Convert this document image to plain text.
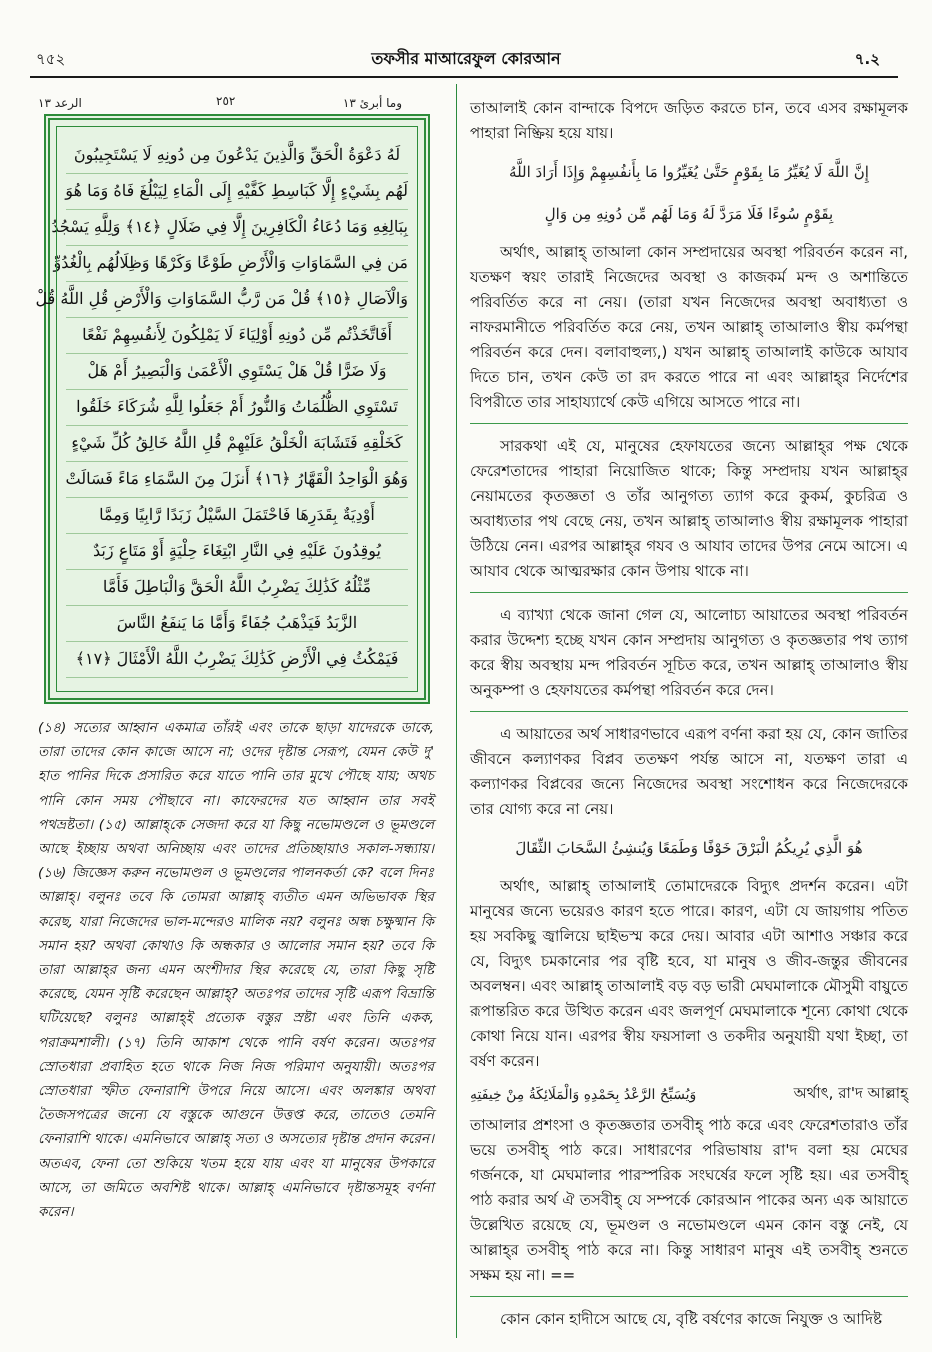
৭৫২	তফসীর মাআরেফুল কোরআন	৭.২
الرعد ١٣	٢٥٢	وما أبرئ ١٣
لَهُ دَعْوَةُ الْحَقِّ وَالَّذِينَ يَدْعُونَ مِن دُونِهِ لَا يَسْتَجِيبُونَ
لَهُم بِشَيْءٍ إِلَّا كَبَاسِطِ كَفَّيْهِ إِلَى الْمَاءِ لِيَبْلُغَ فَاهُ وَمَا هُوَ
بِبَالِغِهِ وَمَا دُعَاءُ الْكَافِرِينَ إِلَّا فِي ضَلَالٍ ﴿١٤﴾ وَلِلَّهِ يَسْجُدُ
مَن فِي السَّمَاوَاتِ وَالْأَرْضِ طَوْعًا وَكَرْهًا وَظِلَالُهُم بِالْغُدُوِّ
وَالْآصَالِ ﴿١٥﴾ قُلْ مَن رَّبُّ السَّمَاوَاتِ وَالْأَرْضِ قُلِ اللَّهُ قُلْ
أَفَاتَّخَذْتُم مِّن دُونِهِ أَوْلِيَاءَ لَا يَمْلِكُونَ لِأَنفُسِهِمْ نَفْعًا
وَلَا ضَرًّا قُلْ هَلْ يَسْتَوِي الْأَعْمَىٰ وَالْبَصِيرُ أَمْ هَلْ
تَسْتَوِي الظُّلُمَاتُ وَالنُّورُ أَمْ جَعَلُوا لِلَّهِ شُرَكَاءَ خَلَقُوا
كَخَلْقِهِ فَتَشَابَهَ الْخَلْقُ عَلَيْهِمْ قُلِ اللَّهُ خَالِقُ كُلِّ شَيْءٍ
وَهُوَ الْوَاحِدُ الْقَهَّارُ ﴿١٦﴾ أَنزَلَ مِنَ السَّمَاءِ مَاءً فَسَالَتْ
أَوْدِيَةٌ بِقَدَرِهَا فَاحْتَمَلَ السَّيْلُ زَبَدًا رَّابِيًا وَمِمَّا
يُوقِدُونَ عَلَيْهِ فِي النَّارِ ابْتِغَاءَ حِلْيَةٍ أَوْ مَتَاعٍ زَبَدٌ
مِّثْلُهُ كَذَٰلِكَ يَضْرِبُ اللَّهُ الْحَقَّ وَالْبَاطِلَ فَأَمَّا
الزَّبَدُ فَيَذْهَبُ جُفَاءً وَأَمَّا مَا يَنفَعُ النَّاسَ
فَيَمْكُثُ فِي الْأَرْضِ كَذَٰلِكَ يَضْرِبُ اللَّهُ الْأَمْثَالَ ﴿١٧﴾
(১৪) সত্যের আহ্বান একমাত্র তাঁরই এবং তাকে ছাড়া যাদেরকে ডাকে, তারা তাদের কোন কাজে আসে না; ওদের দৃষ্টান্ত সেরূপ, যেমন কেউ দু' হাত পানির দিকে প্রসারিত করে যাতে পানি তার মুখে পৌছে যায়; অথচ পানি কোন সময় পৌছাবে না। কাফেরদের যত আহ্বান তার সবই পথভ্রষ্টতা। (১৫) আল্লাহ্‌কে সেজদা করে যা কিছু নভোমণ্ডলে ও ভূমণ্ডলে আছে ইচ্ছায় অথবা অনিচ্ছায় এবং তাদের প্রতিচ্ছায়াও সকাল-সন্ধ্যায়। (১৬) জিজ্ঞেস করুন নভোমণ্ডল ও ভূমণ্ডলের পালনকর্তা কে? বলে দিনঃ আল্লাহ্‌। বলুনঃ তবে কি তোমরা আল্লাহ্‌ ব্যতীত এমন অভিভাবক স্থির করেছ, যারা নিজেদের ভাল-মন্দেরও মালিক নয়? বলুনঃ অন্ধ চক্ষুষ্মান কি সমান হয়? অথবা কোথাও কি অন্ধকার ও আলোর সমান হয়? তবে কি তারা আল্লাহ্‌র জন্য এমন অংশীদার স্থির করেছে যে, তারা কিছু সৃষ্টি করেছে, যেমন সৃষ্টি করেছেন আল্লাহ্‌? অতঃপর তাদের সৃষ্টি এরূপ বিভ্রান্তি ঘটিয়েছে? বলুনঃ আল্লাহ্‌ই প্রত্যেক বস্তুর স্রষ্টা এবং তিনি একক, পরাক্রমশালী। (১৭) তিনি আকাশ থেকে পানি বর্ষণ করেন। অতঃপর স্রোতধারা প্রবাহিত হতে থাকে নিজ নিজ পরিমাণ অনুযায়ী। অতঃপর স্রোতধারা স্ফীত ফেনারাশি উপরে নিয়ে আসে। এবং অলঙ্কার অথবা তৈজসপত্রের জন্যে যে বস্তুকে আগুনে উত্তপ্ত করে, তাতেও তেমনি ফেনারাশি থাকে। এমনিভাবে আল্লাহ্‌ সত্য ও অসত্যের দৃষ্টান্ত প্রদান করেন। অতএব, ফেনা তো শুকিয়ে খতম হয়ে যায় এবং যা মানুষের উপকারে আসে, তা জমিতে অবশিষ্ট থাকে। আল্লাহ্‌ এমনিভাবে দৃষ্টান্তসমূহ বর্ণনা করেন।

তাআলাই কোন বান্দাকে বিপদে জড়িত করতে চান, তবে এসব রক্ষামূলক পাহারা নিষ্ক্রিয় হয়ে যায়।

إِنَّ اللَّهَ لَا يُغَيِّرُ مَا بِقَوْمٍ حَتَّىٰ يُغَيِّرُوا مَا بِأَنفُسِهِمْ وَإِذَا أَرَادَ اللَّهُ
بِقَوْمٍ سُوءًا فَلَا مَرَدَّ لَهُ وَمَا لَهُم مِّن دُونِهِ مِن وَالٍ

অর্থাৎ, আল্লাহ্‌ তাআলা কোন সম্প্রদায়ের অবস্থা পরিবর্তন করেন না, যতক্ষণ স্বয়ং তারাই নিজেদের অবস্থা ও কাজকর্ম মন্দ ও অশান্তিতে পরিবর্তিত করে না নেয়। (তারা যখন নিজেদের অবস্থা অবাধ্যতা ও নাফরমানীতে পরিবর্তিত করে নেয়, তখন আল্লাহ্‌ তাআলাও স্বীয় কর্মপন্থা পরিবর্তন করে দেন। বলাবাহুল্য,) যখন আল্লাহ্‌ তাআলাই কাউকে আযাব দিতে চান, তখন কেউ তা রদ করতে পারে না এবং আল্লাহ্‌র নির্দেশের বিপরীতে তার সাহায্যার্থে কেউ এগিয়ে আসতে পারে না।

সারকথা এই যে, মানুষের হেফাযতের জন্যে আল্লাহ্‌র পক্ষ থেকে ফেরেশতাদের পাহারা নিয়োজিত থাকে; কিন্তু সম্প্রদায় যখন আল্লাহ্‌র নেয়ামতের কৃতজ্ঞতা ও তাঁর আনুগত্য ত্যাগ করে কুকর্ম, কুচরিত্র ও অবাধ্যতার পথ বেছে নেয়, তখন আল্লাহ্‌ তাআলাও স্বীয় রক্ষামূলক পাহারা উঠিয়ে নেন। এরপর আল্লাহ্‌র গযব ও আযাব তাদের উপর নেমে আসে। এ আযাব থেকে আত্মরক্ষার কোন উপায় থাকে না।

এ ব্যাখ্যা থেকে জানা গেল যে, আলোচ্য আয়াতের অবস্থা পরিবর্তন করার উদ্দেশ্য হচ্ছে যখন কোন সম্প্রদায় আনুগত্য ও কৃতজ্ঞতার পথ ত্যাগ করে স্বীয় অবস্থায় মন্দ পরিবর্তন সূচিত করে, তখন আল্লাহ্‌ তাআলাও স্বীয় অনুকম্পা ও হেফাযতের কর্মপন্থা পরিবর্তন করে দেন।

এ আয়াতের অর্থ সাধারণভাবে এরূপ বর্ণনা করা হয় যে, কোন জাতির জীবনে কল্যাণকর বিপ্লব ততক্ষণ পর্যন্ত আসে না, যতক্ষণ তারা এ কল্যাণকর বিপ্লবের জন্যে নিজেদের অবস্থা সংশোধন করে নিজেদেরকে তার যোগ্য করে না নেয়।

هُوَ الَّذِي يُرِيكُمُ الْبَرْقَ خَوْفًا وَطَمَعًا وَيُنشِئُ السَّحَابَ الثِّقَالَ

অর্থাৎ, আল্লাহ্‌ তাআলাই তোমাদেরকে বিদ্যুৎ প্রদর্শন করেন। এটা মানুষের জন্যে ভয়েরও কারণ হতে পারে। কারণ, এটা যে জায়গায় পতিত হয় সবকিছু জ্বালিয়ে ছাইভস্ম করে দেয়। আবার এটা আশাও সঞ্চার করে যে, বিদ্যুৎ চমকানোর পর বৃষ্টি হবে, যা মানুষ ও জীব-জন্তুর জীবনের অবলম্বন। এবং আল্লাহ্‌ তাআলাই বড় বড় ভারী মেঘমালাকে মৌসুমী বায়ুতে রূপান্তরিত করে উত্থিত করেন এবং জলপূর্ণ মেঘমালাকে শূন্যে কোথা থেকে কোথা নিয়ে যান। এরপর স্বীয় ফয়সালা ও তকদীর অনুযায়ী যথা ইচ্ছা, তা বর্ষণ করেন।

وَيُسَبِّحُ الرَّعْدُ بِحَمْدِهِ وَالْمَلَائِكَةُ مِنْ خِيفَتِهِ	অর্থাৎ, রা'দ আল্লাহ্‌

তাআলার প্রশংসা ও কৃতজ্ঞতার তসবীহ্‌ পাঠ করে এবং ফেরেশতারাও তাঁর ভয়ে তসবীহ্‌ পাঠ করে। সাধারণের পরিভাষায় রা'দ বলা হয় মেঘের গর্জনকে, যা মেঘমালার পারস্পরিক সংঘর্ষের ফলে সৃষ্টি হয়। এর তসবীহ্‌ পাঠ করার অর্থ ঐ তসবীহ্‌ যে সম্পর্কে কোরআন পাকের অন্য এক আয়াতে উল্লেখিত রয়েছে যে, ভূমণ্ডল ও নভোমণ্ডলে এমন কোন বস্তু নেই, যে আল্লাহ্‌র তসবীহ্‌ পাঠ করে না। কিন্তু সাধারণ মানুষ এই তসবীহ্‌ শুনতে সক্ষম হয় না। ==

কোন কোন হাদীসে আছে যে, বৃষ্টি বর্ষণের কাজে নিযুক্ত ও আদিষ্ট
